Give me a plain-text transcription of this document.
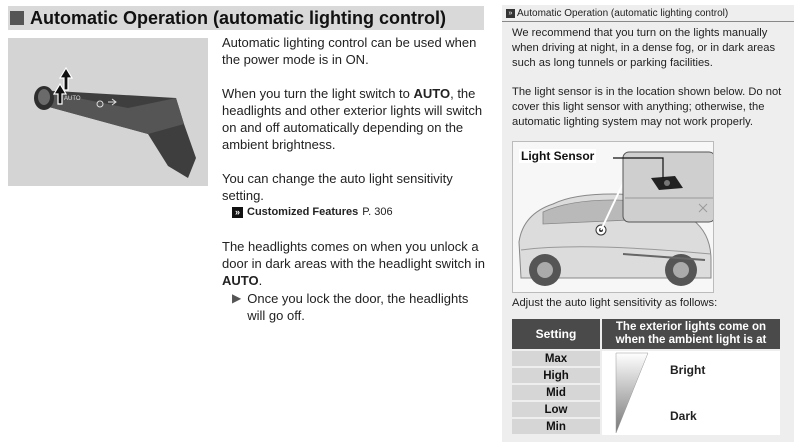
Automatic Operation (automatic lighting control)
AUTO

Automatic lighting control can be used when the power mode is in ON.

When you turn the light switch to AUTO, the headlights and other exterior lights will switch on and off automatically depending on the ambient brightness.

You can change the auto light sensitivity setting.
» Customized Features P. 306
The headlights comes on when you unlock a door in dark areas with the headlight switch in AUTO.
▶ Once you lock the door, the headlights will go off.
» Automatic Operation (automatic lighting control)
We recommend that you turn on the lights manually when driving at night, in a dense fog, or in dark areas such as long tunnels or parking facilities.
The light sensor is in the location shown below. Do not cover this light sensor with anything; otherwise, the automatic lighting system may not work properly.
Light Sensor
Adjust the auto light sensitivity as follows:
Setting	The exterior lights come on when the ambient light is at
Max
High
Mid
Low
Min
Bright
Dark
